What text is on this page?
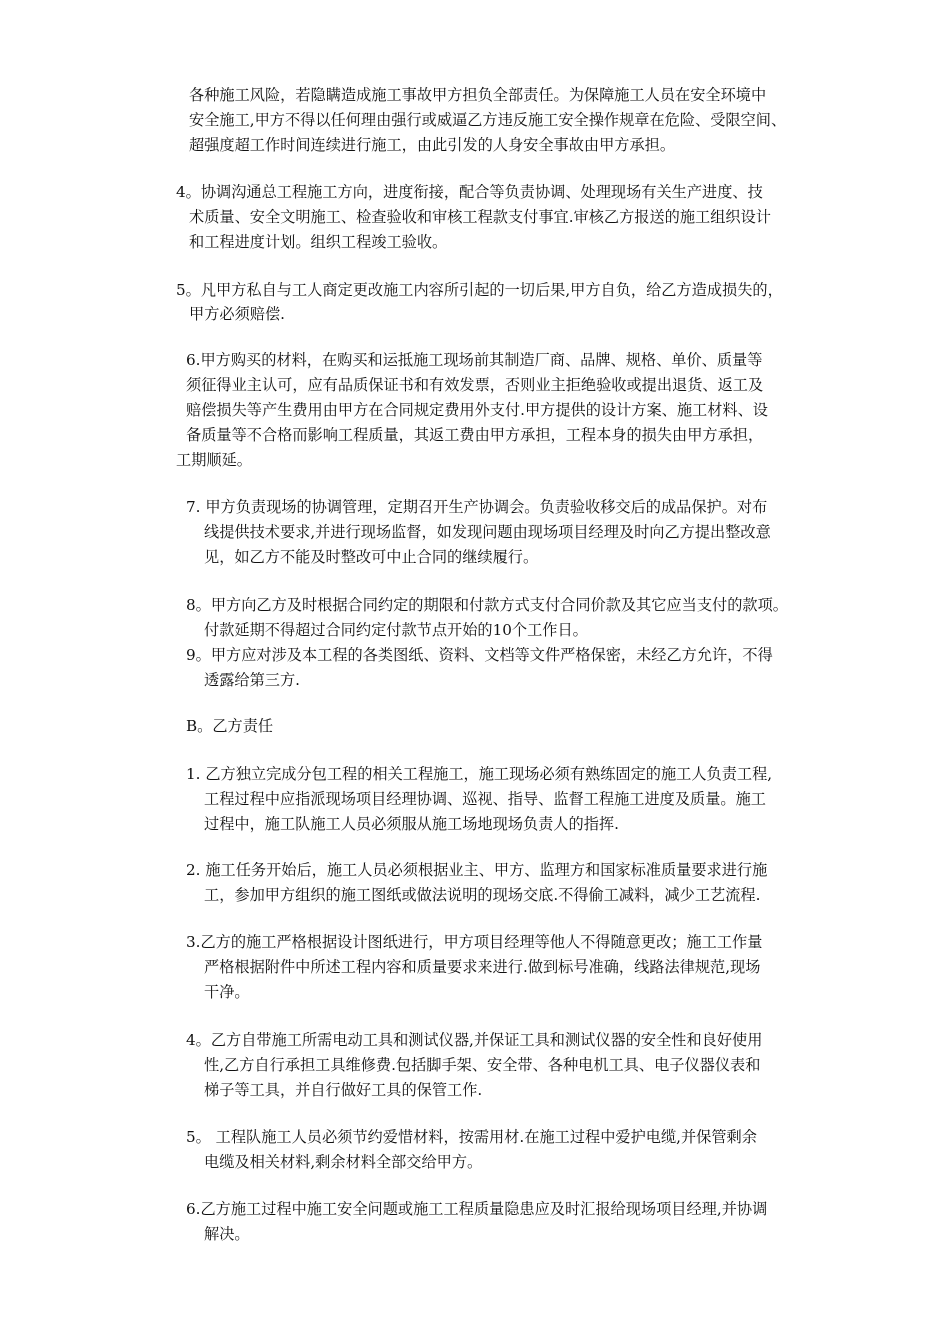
各种施工风险，若隐瞒造成施工事故甲方担负全部责任。为保障施工人员在安全环境中
安全施工,甲方不得以任何理由强行或威逼乙方违反施工安全操作规章在危险、受限空间、
超强度超工作时间连续进行施工，由此引发的人身安全事故由甲方承担。
4。协调沟通总工程施工方向，进度衔接，配合等负责协调、处理现场有关生产进度、技
术质量、安全文明施工、检查验收和审核工程款支付事宜.审核乙方报送的施工组织设计
和工程进度计划。组织工程竣工验收。
5。凡甲方私自与工人商定更改施工内容所引起的一切后果,甲方自负，给乙方造成损失的，
甲方必须赔偿.
6.甲方购买的材料，在购买和运抵施工现场前其制造厂商、品牌、规格、单价、质量等
须征得业主认可，应有品质保证书和有效发票，否则业主拒绝验收或提出退货、返工及
赔偿损失等产生费用由甲方在合同规定费用外支付.甲方提供的设计方案、施工材料、设
备质量等不合格而影响工程质量，其返工费由甲方承担，工程本身的损失由甲方承担，
工期顺延。
7. 甲方负责现场的协调管理，定期召开生产协调会。负责验收移交后的成品保护。对布
线提供技术要求,并进行现场监督，如发现问题由现场项目经理及时向乙方提出整改意
见，如乙方不能及时整改可中止合同的继续履行。
8。甲方向乙方及时根据合同约定的期限和付款方式支付合同价款及其它应当支付的款项。
付款延期不得超过合同约定付款节点开始的10个工作日。
9。甲方应对涉及本工程的各类图纸、资料、文档等文件严格保密，未经乙方允许，不得
透露给第三方.
B。乙方责任
1. 乙方独立完成分包工程的相关工程施工，施工现场必须有熟练固定的施工人负责工程,
工程过程中应指派现场项目经理协调、巡视、指导、监督工程施工进度及质量。施工
过程中，施工队施工人员必须服从施工场地现场负责人的指挥.
2. 施工任务开始后，施工人员必须根据业主、甲方、监理方和国家标准质量要求进行施
工，参加甲方组织的施工图纸或做法说明的现场交底.不得偷工减料，减少工艺流程.
3.乙方的施工严格根据设计图纸进行，甲方项目经理等他人不得随意更改；施工工作量
严格根据附件中所述工程内容和质量要求来进行.做到标号准确，线路法律规范,现场
干净。
4。乙方自带施工所需电动工具和测试仪器,并保证工具和测试仪器的安全性和良好使用
性,乙方自行承担工具维修费.包括脚手架、安全带、各种电机工具、电子仪器仪表和
梯子等工具，并自行做好工具的保管工作.
5。 工程队施工人员必须节约爱惜材料，按需用材.在施工过程中爱护电缆,并保管剩余
电缆及相关材料,剩余材料全部交给甲方。
6.乙方施工过程中施工安全问题或施工工程质量隐患应及时汇报给现场项目经理,并协调
解决。
